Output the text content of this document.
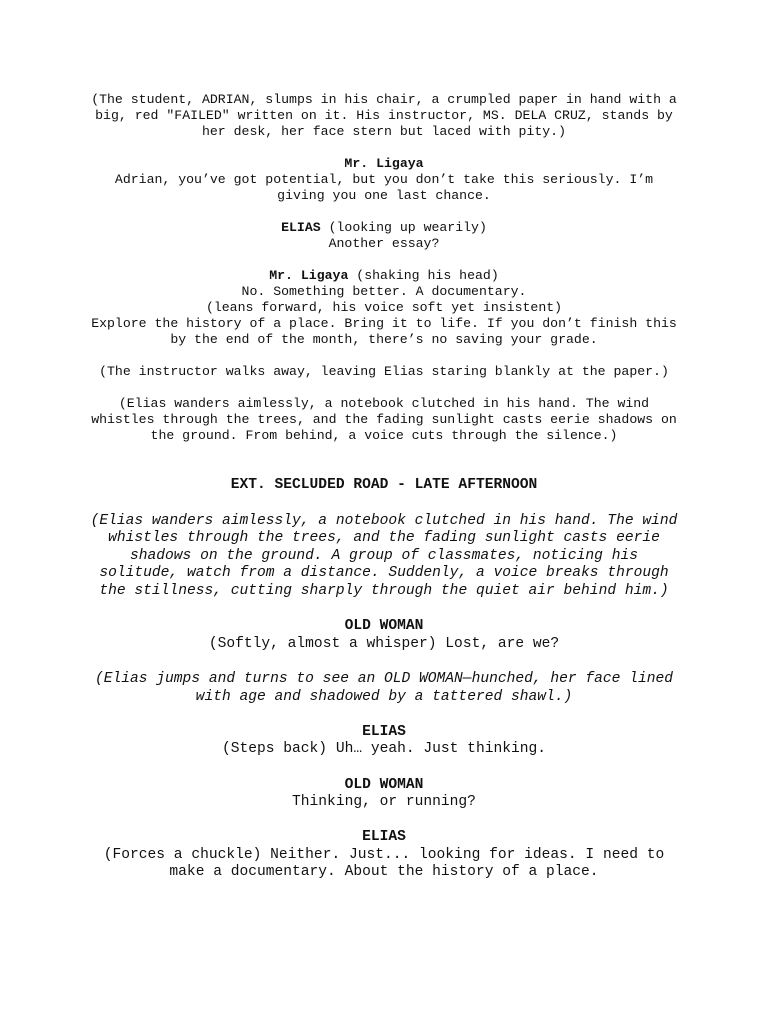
(The student, ADRIAN, slumps in his chair, a crumpled paper in hand with a big, red "FAILED" written on it. His instructor, MS. DELA CRUZ, stands by her desk, her face stern but laced with pity.)

Mr. Ligaya

Adrian, you’ve got potential, but you don’t take this seriously. I’m giving you one last chance.

ELIAS (looking up wearily)

Another essay?

Mr. Ligaya (shaking his head)

No. Something better. A documentary.

(leans forward, his voice soft yet insistent)

Explore the history of a place. Bring it to life. If you don’t finish this by the end of the month, there’s no saving your grade.

(The instructor walks away, leaving Elias staring blankly at the paper.)

(Elias wanders aimlessly, a notebook clutched in his hand. The wind whistles through the trees, and the fading sunlight casts eerie shadows on the ground. From behind, a voice cuts through the silence.)

EXT. SECLUDED ROAD - LATE AFTERNOON

(Elias wanders aimlessly, a notebook clutched in his hand. The wind whistles through the trees, and the fading sunlight casts eerie shadows on the ground. A group of classmates, noticing his solitude, watch from a distance. Suddenly, a voice breaks through the stillness, cutting sharply through the quiet air behind him.)

OLD WOMAN

(Softly, almost a whisper) Lost, are we?

(Elias jumps and turns to see an OLD WOMAN—hunched, her face lined with age and shadowed by a tattered shawl.)

ELIAS

(Steps back) Uh… yeah. Just thinking.

OLD WOMAN

Thinking, or running?

ELIAS

(Forces a chuckle) Neither. Just... looking for ideas. I need to make a documentary. About the history of a place.
